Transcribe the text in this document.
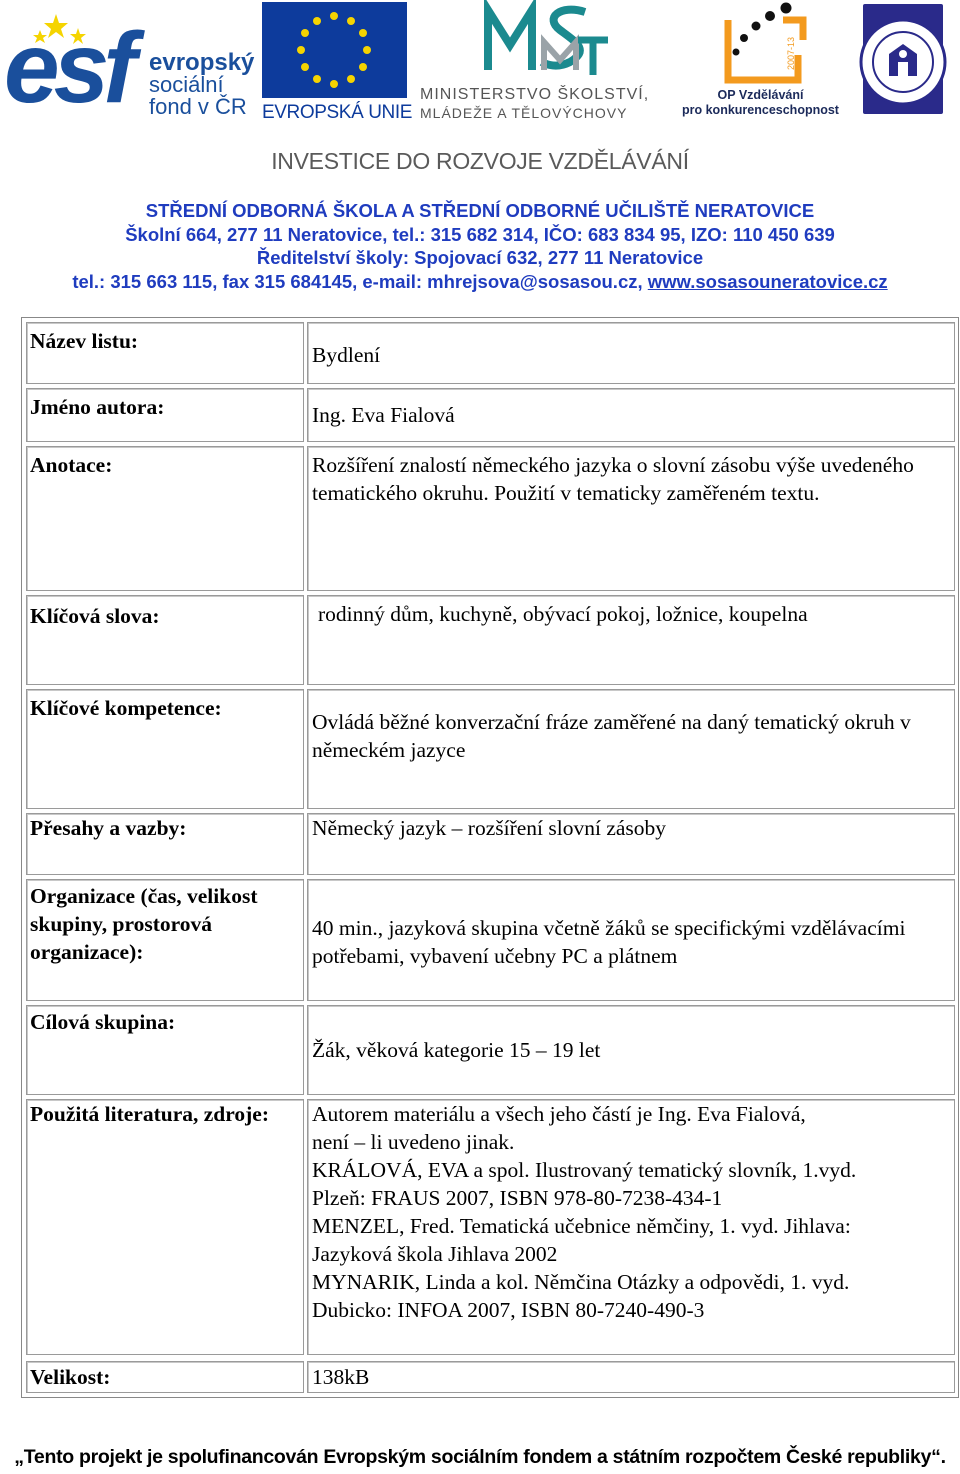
esf evropský
sociální
fond v ČR EVROPSKÁ UNIE
MINISTERSTVO ŠKOLSTVÍ,
MLÁDEŽE A TĚLOVÝCHOVY
2007-13
OP Vzdělávání
pro konkurenceschopnost
INVESTICE DO ROZVOJE VZDĚLÁVÁNÍ
STŘEDNÍ ODBORNÁ ŠKOLA A STŘEDNÍ ODBORNÉ UČILIŠTĚ NERATOVICE
Školní 664, 277 11 Neratovice, tel.: 315 682 314, IČO: 683 834 95, IZO: 110 450 639
Ředitelství školy: Spojovací 632, 277 11 Neratovice
tel.: 315 663 115, fax 315 684145, e-mail: mhrejsova@sosasou.cz, www.sosasouneratovice.cz
Název listu:
Bydlení
Jméno autora:	Ing. Eva Fialová
Anotace:	Rozšíření znalostí německého jazyka o slovní zásobu výše uvedeného tematického okruhu. Použití v tematicky zaměřeném textu.
Klíčová slova:	rodinný dům, kuchyně, obývací pokoj, ložnice, koupelna
Klíčové kompetence:
Ovládá běžné konverzační fráze zaměřené na daný tematický okruh v německém jazyce
Přesahy a vazby:	Německý jazyk – rozšíření slovní zásoby
Organizace (čas, velikost skupiny, prostorová organizace):
40 min., jazyková skupina včetně žáků se specifickými vzdělávacími potřebami, vybavení učebny PC a plátnem
Cílová skupina:
Žák, věková kategorie 15 – 19 let
Použitá literatura, zdroje:	Autorem materiálu a všech jeho částí je Ing. Eva Fialová,

není – li uvedeno jinak.

KRÁLOVÁ, EVA a spol. Ilustrovaný tematický slovník, 1.vyd.

Plzeň: FRAUS 2007, ISBN 978-80-7238-434-1

MENZEL, Fred. Tematická učebnice němčiny, 1. vyd. Jihlava:

Jazyková škola Jihlava 2002

MYNARIK, Linda a kol. Němčina Otázky a odpovědi, 1. vyd.

Dubicko: INFOA 2007, ISBN 80-7240-490-3

Velikost:	138kB
„Tento projekt je spolufinancován Evropským sociálním fondem a státním rozpočtem České republiky“.
